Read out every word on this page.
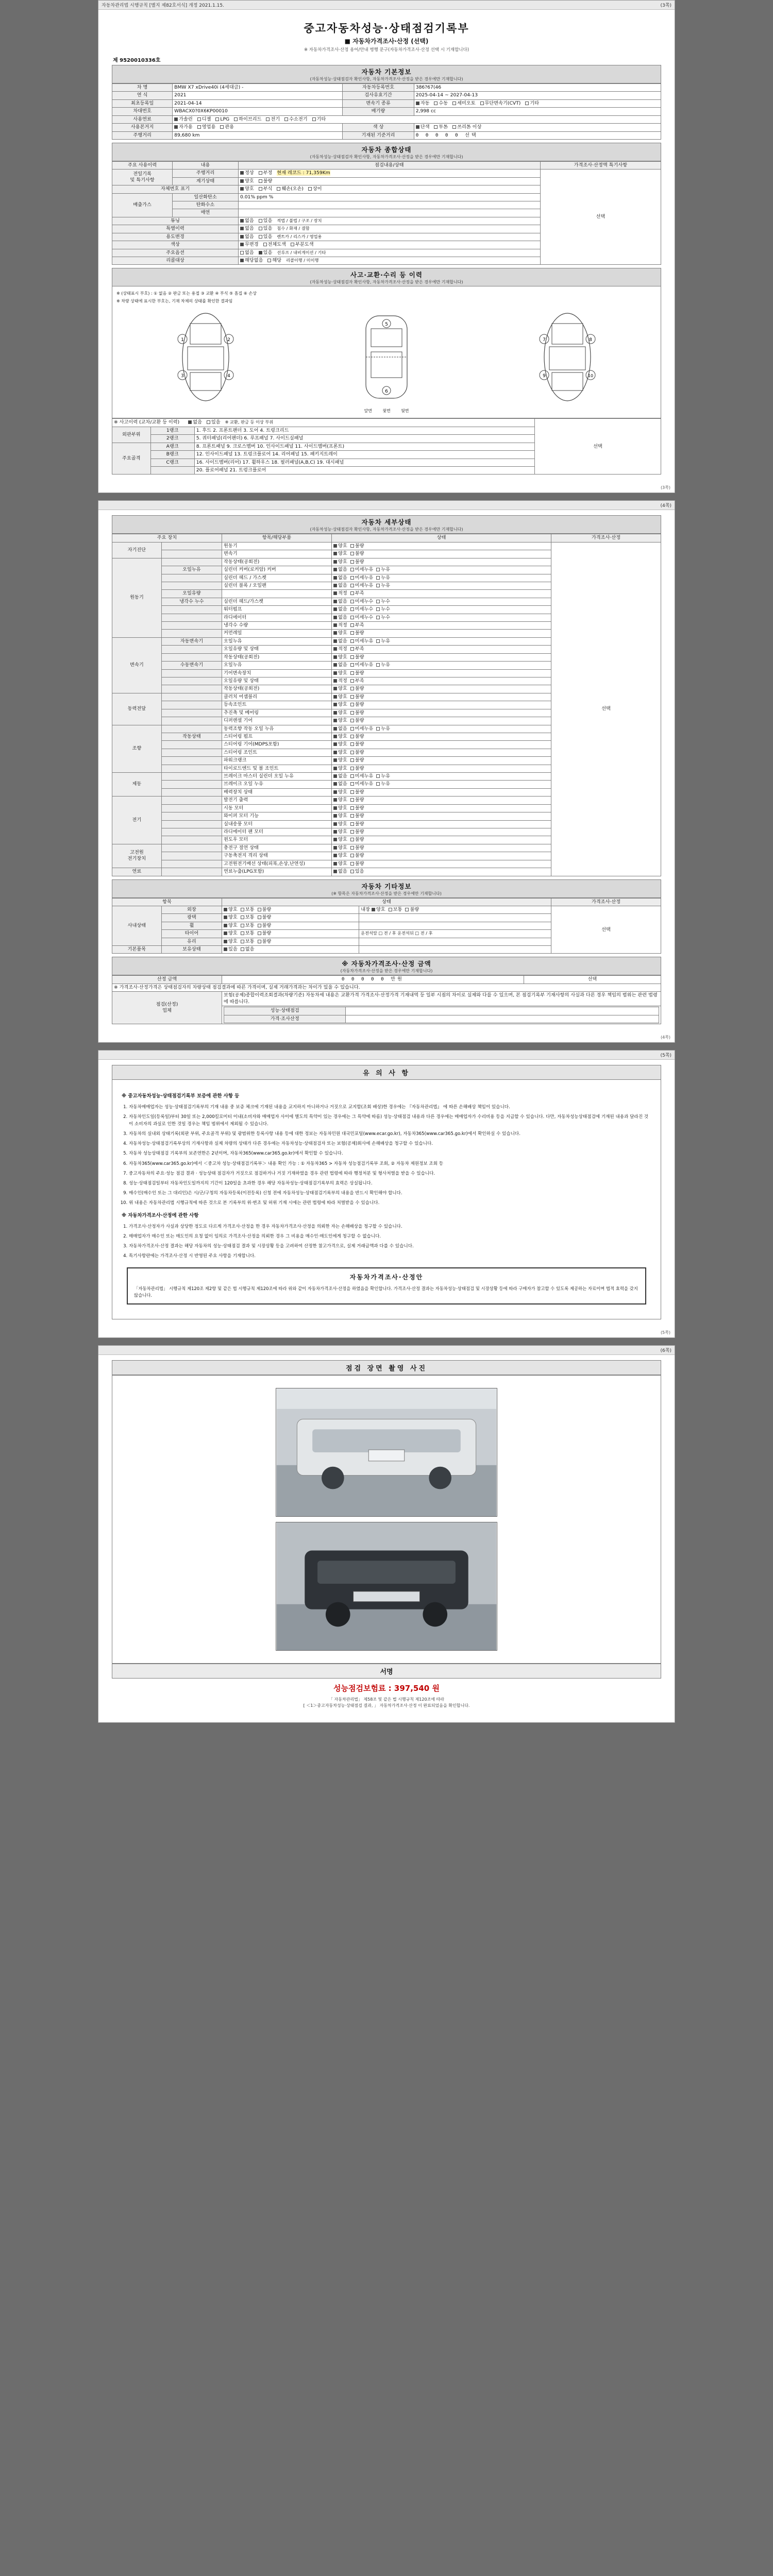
자동차관리법 시행규칙 [별지 제82호서식] 개정 2021.1.15.	(3쪽)
중고자동차성능·상태점검기록부
■ 자동차가격조사·산정 (선택)
※ 자동차가격조사·산정 용어/안내 병행 문구(자동차가격조사·산정 선택 시 기재합니다)
제 9520010336호
자동차 기본정보
(자동차성능·상태점검자 확인사항, 자동차가격조사·산정을 받은 경우에만 기재합니다)
차 명	BMW X7 xDrive40i (4세대급) -	자동차등록번호	386?67(46
연 식	2021	검사유효기간	2025-04-14 ~ 2027-04-13
최초등록일	2021-04-14	변속기 종류	자동 수동 세미오토 무단변속기(CVT) 기타
차대번호	WBACX0?0X6KP00010	배기량	2,998 cc
사용연료	가솔린 디젤 LPG 하이브리드 전기 수소전기 기타		
사용본거지	자가용 영업용 관용	색 상	단색 투톤 쓰리톤 이상
주행거리	89,680 km	기재된 기준거리	0 0 0 0 0 선택
자동차 종합상태
(자동차성능·상태점검자 확인사항, 자동차가격조사·산정을 받은 경우에만 기재합니다)
주요 사용이력	내용	점검내용/상태	가격조사·산정액 특기사항
전일기록
및 특기사항	주행거리	정상 부정 현재 레코드 : 71,359Km	선택
	계기상태	양호 불량	
자체번호 표기		양호 부식 훼손(오손) 상이	
배출가스	일산화탄소	0.01% ppm %	
	탄화수소		
	매연		
튜닝		없음 있음 적법 / 불법 / 구조 / 장치	
특별이력		없음 있음 침수 / 화재 / 결함	
용도변경		없음 있음 렌트카 / 리스카 / 영업용	
색상		무변경 전체도색 부분도색	
주요옵션		없음 있음 선루프 / 내비게이션 / 기타	
리콜대상		해당없음 해당 리콜이행 / 미이행	
사고·교환·수리 등 이력
(자동차성능·상태점검자 확인사항, 자동차가격조사·산정을 받은 경우에만 기재합니다)
※ (상태표시 부호) : ① 없음 ② 판금 또는 용접 ③ 교환 ④ 부식 ⑤ 흠집 ⑥ 손상
※ 차량 상태에 표시한 부호는, 기재 차체의 상태를 확인한 결과임
1	2
3	4
5
6
7	8
9	10
앞면        윗면        뒷면
※ 사고이력 (교차/교환 등 이력) 없음 있음 ※ 교환, 판금 등 이상 부위			선택
외판부위	1랭크	1. 후드 2. 프론트팬더 3. 도어 4. 트렁크리드	
	2랭크	5. 쿼터패널(리어팬더) 6. 루프패널 7. 사이드실패널	
주요골격	A랭크	8. 프론트패널 9. 크로스멤버 10. 인사이드패널 11. 사이드멤버(프론트)	
	B랭크	12. 인사이드패널 13. 트렁크플로어 14. 리어패널 15. 패키지트레이	
	C랭크	16. 사이드멤버(리어) 17. 휠하우스 18. 필러패널(A,B,C) 19. 대시패널	
		20. 플로어패널 21. 트렁크플로어	
(3쪽)
(4쪽)
자동차 세부상태
(자동차성능·상태점검자 확인사항, 자동차가격조사·산정을 받은 경우에만 기재합니다)
주요 장치		항목/해당부품	상태	가격조사·산정
자기진단		원동기	양호 불량	선택
		변속기	양호 불량	
원동기		작동상태(공회전)	양호 불량	
	오일누유	실린더 커버(로커암) 커버	없음 미세누유 누유	
		실린더 헤드 / 가스켓	없음 미세누유 누유	
		실린더 블록 / 오일팬	없음 미세누유 누유	
	오일유량		적정 부족	
	냉각수 누수	실린더 헤드/가스켓	없음 미세누수 누수	
		워터펌프	없음 미세누수 누수	
		라디에이터	없음 미세누수 누수	
		냉각수 수량	적정 부족	
		커먼레일	양호 불량	
변속기	자동변속기	오일누유	없음 미세누유 누유	
		오일유량 및 상태	적정 부족	
		작동상태(공회전)	양호 불량	
	수동변속기	오일누유	없음 미세누유 누유	
		기어변속장치	양호 불량	
		오일유량 및 상태	적정 부족	
		작동상태(공회전)	양호 불량	
동력전달		클러치 어셈블리	양호 불량	
		등속조인트	양호 불량	
		추진축 및 베어링	양호 불량	
		디퍼렌셜 기어	양호 불량	
조향		동력조향 작동 오일 누유	없음 미세누유 누유	
	작동상태	스티어링 펌프	양호 불량	
		스티어링 기어(MDPS포함)	양호 불량	
		스티어링 조인트	양호 불량	
		파워크랭크	양호 불량	
		타이로드엔드 및 볼 조인트	양호 불량	
제동		브레이크 마스터 실린더 오일 누유	없음 미세누유 누유	
		브레이크 오일 누유	없음 미세누유 누유	
		배력장치 상태	양호 불량	
전기		발전기 출력	양호 불량	
		시동 모터	양호 불량	
		와이퍼 모터 기능	양호 불량	
		실내송풍 모터	양호 불량	
		라디에이터 팬 모터	양호 불량	
		윈도우 모터	양호 불량	
고전원
전기장치		충전구 절연 상태	양호 불량	
		구동축전지 격리 상태	양호 불량	
		고전원전기배선 상태(피복,손상,난연성)	양호 불량	
연료		연료누출(LPG포함)	없음 있음	
자동차 기타정보
(※ 항목은 자동차가격조사·산정을 받은 경우에만 기재합니다)
항목		상태		가격조사·산정
사내상태	외장	양호 보통 불량	내장 양호 보통 불량	선택
	광택	양호 보통 불량		
	휠	양호 보통 불량		
	타이어	양호 보통 불량	운전석앞 □ 전 / 후 운전석뒤 □ 전 / 후	
	유리	양호 보통 불량		
기본품목	보유상태	있음 없음		
※ 자동차가격조사·산정 금액
(자동차가격조사·산정을 받은 경우에만 기재합니다)
산정 금액	0 0 0 0 0 만원	선택
※ 가격조사·산정가격은 상태점검자의 차량상태 점검결과에 따른 가격이며, 실제 거래가격과는 차이가 있을 수 있습니다.
점검(산정)
업체	보험(공제)종합이력조회결과(차량기준) 자동차세 내용은 교환가격 가격조사·산정가격 기재내역 등 일부 시점의 차이로 실제와 다를 수 있으며, 본 점검기록부 기재사항의 사실과 다른 경우 책임의 범위는 관련 법령에 따릅니다.

성능·상태점검	
가격·조사산정	
(4쪽)
(5쪽)
유 의 사 항
※ 중고자동차성능·상태점검기록부 보증에 관한 사항 등
1. 자동차매매업자는 성능·상태점검기록부의 기재 내용 중 보증 체크에 기재된 내용을 교지하지 아니하거나 거짓으로 교지할(조회 배상)한 경우에는 『자동차관리법』 에 따른 손해배상 책임이 있습니다.
2. 자동차인도일(등록일)부터 30일 또는 2,000킬로미터 이내(소비자와 매매업자 사이에 별도의 특약이 있는 경우에는 그 특약에 따름) 성능·상태점검 내용과 다른 경우에는 매매업자가 수리비용 등을 지급할 수 있습니다. 다만, 자동차성능상태점검에 기재된 내용과 달라진 것이 소비자의 과실로 인한 것일 경우는 책임 범위에서 제외될 수 있습니다.
3. 자동차의 실내외 상태기록(외판 부위, 주요골격 부위) 및 광범위한 등록사항 내용 등에 대한 정보는 자동차민원 대국민포털(www.ecar.go.kr), 자동차365(www.car365.go.kr)에서 확인하실 수 있습니다.
4. 자동차성능·상태점검기록부상의 기재사항과 실제 차량의 상태가 다른 경우에는 자동차성능·상태점검자 또는 보험(공제)회사에 손해배상을 청구할 수 있습니다.
5. 자동차 성능상태점검 기록부의 보존연한은 2년이며, 자동차365(www.car365.go.kr)에서 확인할 수 있습니다.
6. 자동차365(www.car365.go.kr)에서 ＜중고차 성능·상태점검기록부＞ 내용 확인 가능 : ① 자동차365 > 자동차 성능점검기록부 조회, ② 자동차 제원정보 조회 등
7. 중고자동차의 주요·성능 점검 결과 · 성능상태 점검자가 거짓으로 점검하거나 거짓 기재하였을 경우 관련 법령에 따라 행정처분 및 형사처벌을 받을 수 있습니다.
8. 성능·상태점검일부터 자동차인도일까지의 기간이 120일을 초과한 경우 해당 자동차성능·상태점검기록부의 효력은 상실됩니다.
9. 매수인(매수인 또는 그 대리인)은 시/군/구청의 자동차등록(이전등록) 신청 전에 자동차성능·상태점검기록부의 내용을 반드시 확인해야 합니다.
10. 위 내용은 자동차관리법 시행규칙에 따른 것으로 본 기록부의 위·변조 및 허위 기재 시에는 관련 법령에 따라 처벌받을 수 있습니다.
※ 자동차가격조사·산정에 관한 사항
1. 가격조사·산정자가 사실과 상당한 정도로 다르게 가격조사·산정을 한 경우 자동차가격조사·산정을 의뢰한 자는 손해배상을 청구할 수 있습니다.
2. 매매업자가 매수인 또는 매도인의 요청 없이 임의로 가격조사·산정을 의뢰한 경우 그 비용을 매수인·매도인에게 청구할 수 없습니다.
3. 자동차가격조사·산정 결과는 해당 자동차의 성능·상태점검 결과 및 시장상황 등을 고려하여 산정한 참고가격으로, 실제 거래금액과 다를 수 있습니다.
4. 특기사항란에는 가격조사·산정 시 반영된 주요 사항을 기재합니다.
자동차가격조사·산정안
「자동차관리법」 시행규칙 제120조 제2항 및 같은 법 시행규칙 제120조에 따라 위와 같이 자동차가격조사·산정을 하였음을 확인합니다. 가격조사·산정 결과는 자동차성능·상태점검 및 시장상황 등에 따라 구매자가 참고할 수 있도록 제공하는 자료이며 법적 효력을 갖지 않습니다.
(5쪽)
(6쪽)
점검 장면 촬영 사진
서명
성능점검보험료 : 397,540 원
「 자동차관리법」 제58조 및 같은 법 시행규칙 제120조에 따라
[ ＜1＞중고자동차성능·상태점검 결과, 」 자동차가격조사·산정 이 완료되었음을 확인합니다.
